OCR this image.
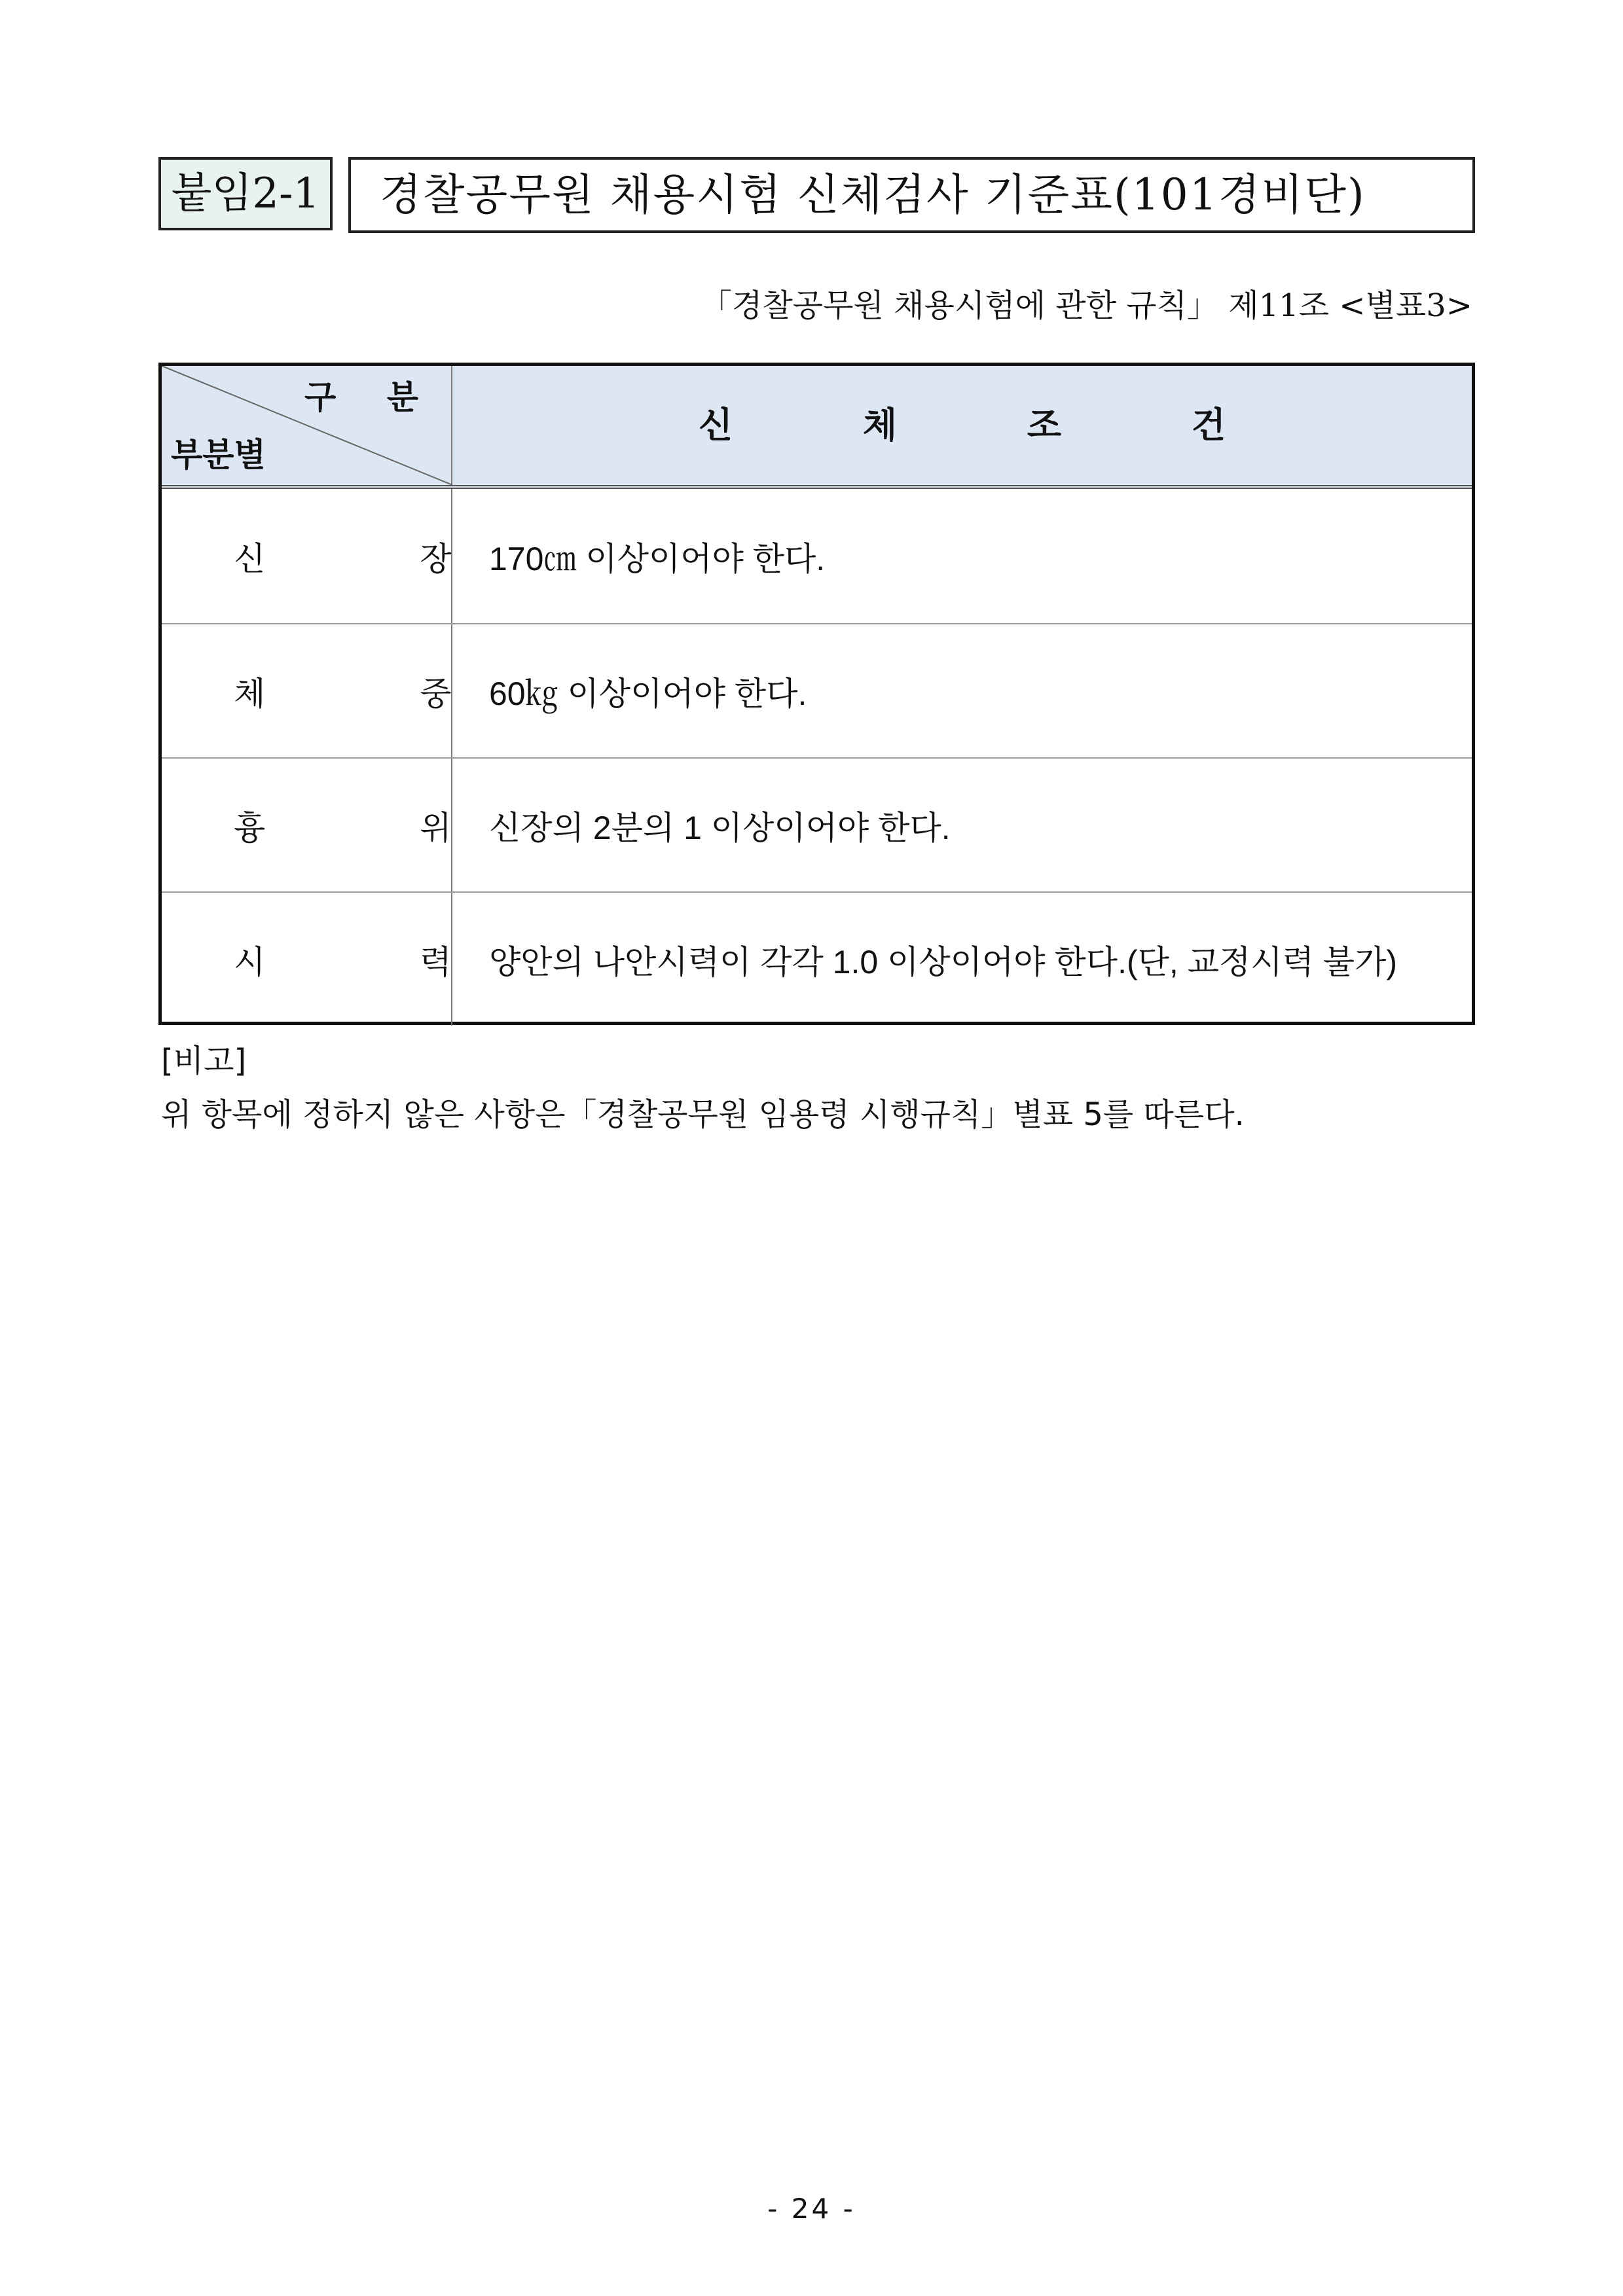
붙임2-1	경찰공무원 채용시험 신체검사 기준표(101경비단)
「경찰공무원 채용시험에 관한 규칙」 제11조 <별표3>
구 분
부분별
신 체 조 건
신 장
170㎝ 이상이어야 한다.
체 중
60㎏ 이상이어야 한다.
흉 위
신장의 2분의 1 이상이어야 한다.
시 력
양안의 나안시력이 각각 1.0 이상이어야 한다.(단, 교정시력 불가)
[비고]
위 항목에 정하지 않은 사항은「경찰공무원 임용령 시행규칙」별표 5를 따른다.
- 24 -
